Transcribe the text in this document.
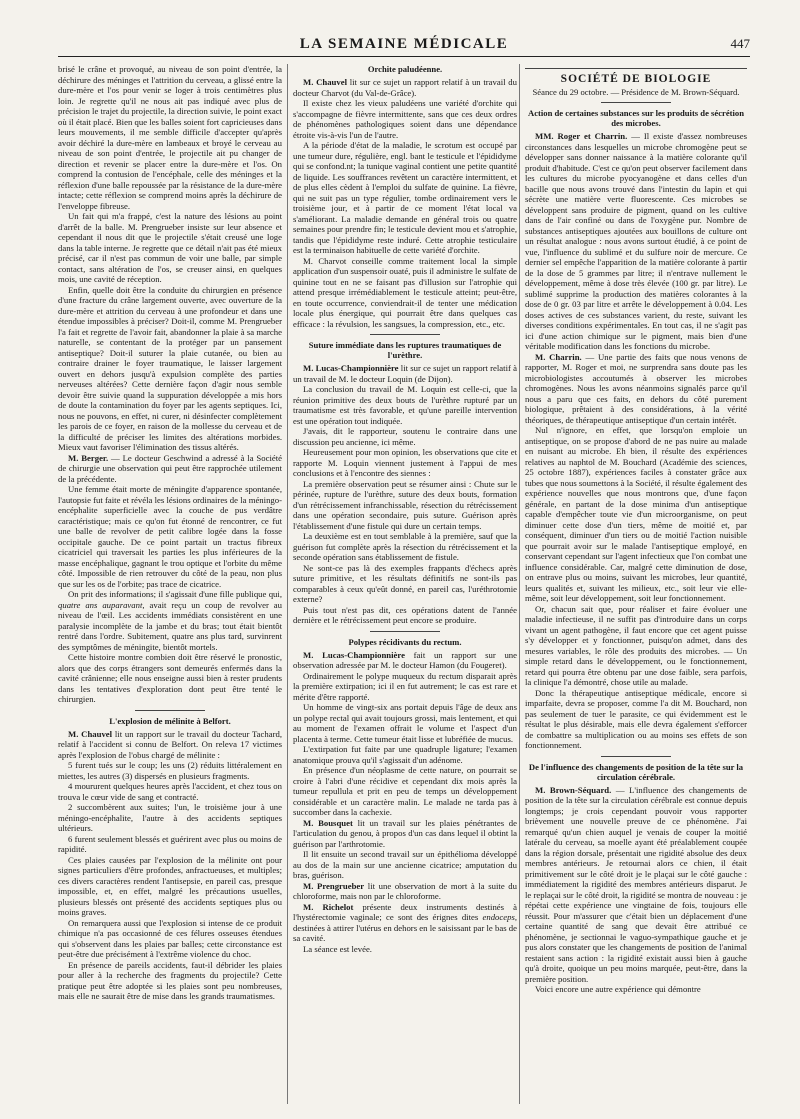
LA SEMAINE MÉDICALE	447

brisé le crâne et provoqué, au niveau de son point d'entrée, la déchirure des méninges et l'attrition du cerveau, a glissé entre la dure-mère et l'os pour venir se loger à trois centimètres plus loin. Je regrette qu'il ne nous ait pas indiqué avec plus de précision le trajet du projectile, la direction suivie, le point exact où il était placé. Bien que les balles soient fort capricieuses dans leurs mouvements, il me semble difficile d'accepter qu'après avoir déchiré la dure-mère en lambeaux et broyé le cerveau au niveau de son point d'entrée, le projectile ait pu changer de direction et revenir se placer entre la dure-mère et l'os. On comprend la contusion de l'encéphale, celle des méninges et la réflexion d'une balle repoussée par la résistance de la dure-mère intacte; cette réflexion se comprend moins après la déchirure de l'enveloppe fibreuse.

Un fait qui m'a frappé, c'est la nature des lésions au point d'arrêt de la balle. M. Prengrueber insiste sur leur absence et cependant il nous dit que le projectile s'était creusé une loge dans la table interne. Je regrette que ce détail n'ait pas été mieux précisé, car il n'est pas commun de voir une balle, par simple contact, sans altération de l'os, se creuser ainsi, en quelques mois, une cavité de réception.

Enfin, quelle doit être la conduite du chirurgien en présence d'une fracture du crâne largement ouverte, avec ouverture de la dure-mère et attrition du cerveau à une profondeur et dans une étendue impossibles à préciser? Doit-il, comme M. Prengrueber l'a fait et regrette de l'avoir fait, abandonner la plaie à sa marche naturelle, se contentant de la protéger par un pansement antiseptique? Doit-il suturer la plaie cutanée, ou bien au contraire drainer le foyer traumatique, le laisser largement ouvert en dehors jusqu'à expulsion complète des parties nerveuses altérées? Cette dernière façon d'agir nous semble devoir être suivie quand la suppuration développée a mis hors de doute la contamination du foyer par les agents septiques. Ici, nous ne pouvons, en effet, ni curer, ni désinfecter complètement les parois de ce foyer, en raison de la mollesse du cerveau et de la difficulté de préciser les limites des altérations morbides. Mieux vaut favoriser l'élimination des tissus altérés.

M. Berger. — Le docteur Geschwind a adressé à la Société de chirurgie une observation qui peut être rapprochée utilement de la précédente.

Une femme était morte de méningite d'apparence spontanée, l'autopsie fut faite et révéla les lésions ordinaires de la méningo-encéphalite superficielle avec la couche de pus verdâtre caractéristique; mais ce qu'on fut étonné de rencontrer, ce fut une balle de revolver de petit calibre logée dans la fosse occipitale gauche. De ce point partait un tractus fibreux cicatriciel qui traversait les parties les plus inférieures de la masse encéphalique, gagnant le trou optique et l'orbite du même côté. Impossible de rien retrouver du côté de la peau, non plus que sur les os de l'orbite; pas trace de cicatrice.

On prit des informations; il s'agissait d'une fille publique qui, quatre ans auparavant, avait reçu un coup de revolver au niveau de l'œil. Les accidents immédiats consistèrent en une paralysie incomplète de la jambe et du bras; tout était bientôt rentré dans l'ordre. Subitement, quatre ans plus tard, survinrent des symptômes de méningite, bientôt mortels.

Cette histoire montre combien doit être réservé le pronostic, alors que des corps étrangers sont demeurés enfermés dans la cavité crânienne; elle nous enseigne aussi bien à rester prudents dans les tentatives d'exploration dont peut être tenté le chirurgien.

L'explosion de mélinite à Belfort.

M. Chauvel lit un rapport sur le travail du docteur Tachard, relatif à l'accident si connu de Belfort. On releva 17 victimes après l'explosion de l'obus chargé de mélinite :

5 furent tués sur le coup; les uns (2) réduits littéralement en miettes, les autres (3) dispersés en plusieurs fragments.

4 moururent quelques heures après l'accident, et chez tous on trouva le cœur vide de sang et contracté.

2 succombèrent aux suites; l'un, le troisième jour à une méningo-encéphalite, l'autre à des accidents septiques ultérieurs.

6 furent seulement blessés et guérirent avec plus ou moins de rapidité.

Ces plaies causées par l'explosion de la mélinite ont pour signes particuliers d'être profondes, anfractueuses, et multiples; ces divers caractères rendent l'antisepsie, en pareil cas, presque impossible, et, en effet, malgré les précautions usuelles, plusieurs blessés ont présenté des accidents septiques plus ou moins graves.

On remarquera aussi que l'explosion si intense de ce produit chimique n'a pas occasionné de ces félures osseuses étendues qui s'observent dans les plaies par balles; cette circonstance est peut-être due précisément à l'extrême violence du choc.

En présence de pareils accidents, faut-il débrider les plaies pour aller à la recherche des fragments du projectile? Cette pratique peut être adoptée si les plaies sont peu nombreuses, mais elle ne saurait être de mise dans les grands traumatismes.

Orchite paludéenne.

M. Chauvel lit sur ce sujet un rapport relatif à un travail du docteur Charvot (du Val-de-Grâce).

Il existe chez les vieux paludéens une variété d'orchite qui s'accompagne de fièvre intermittente, sans que ces deux ordres de phénomènes pathologiques soient dans une dépendance étroite vis-à-vis l'un de l'autre.

A la période d'état de la maladie, le scrotum est occupé par une tumeur dure, régulière, engl. bant le testicule et l'épididyme qui se confond.nt; la tunique vaginal contient une petite quantité de liquide. Les souffrances revêtent un caractère intermittent, et de plus elles cèdent à l'emploi du sulfate de quinine. La fièvre, qui ne suit pas un type régulier, tombe ordinairement vers le troisième jour, et à partir de ce moment l'état local va s'améliorant. La maladie demande en général trois ou quatre semaines pour prendre fin; le testicule devient mou et s'atrophie, tandis que l'épididyme reste induré. Cette atrophie testiculaire est la terminaison habituelle de cette variété d'orchite.

M. Charvot conseille comme traitement local la simple application d'un suspensoir ouaté, puis il administre le sulfate de quinine tout en ne se faisant pas d'illusion sur l'atrophie qui attend presque irrémédiablement le testicule atteint; peut-être, en toute occurrence, conviendrait-il de tenter une médication locale plus énergique, qui pourrait être dans quelques cas efficace : la révulsion, les sangsues, la compression, etc., etc.

Suture immédiate dans les ruptures traumatiques de l'urèthre.

M. Lucas-Championnière lit sur ce sujet un rapport relatif à un travail de M. le docteur Loquin (de Dijon).

La conclusion du travail de M. Loquin est celle-ci, que la réunion primitive des deux bouts de l'urèthre rupturé par un traumatisme est très favorable, et qu'une pareille intervention est une opération tout indiquée.

J'avais, dit le rapporteur, soutenu le contraire dans une discussion peu ancienne, ici même.

Heureusement pour mon opinion, les observations que cite et rapporte M. Loquin viennent justement à l'appui de mes conclusions et à l'encontre des siennes :

La première observation peut se résumer ainsi : Chute sur le périnée, rupture de l'urèthre, suture des deux bouts, formation d'un rétrécissement infranchissable, résection du rétrécissement dans une opération secondaire, puis suture. Guérison après l'établissement d'une fistule qui dure un certain temps.

La deuxième est en tout semblable à la première, sauf que la guérison fut complète après la résection du rétrécissement et la seconde opération sans établissement de fistule.

Ne sont-ce pas là des exemples frappants d'échecs après suture primitive, et les résultats définitifs ne sont-ils pas comparables à ceux qu'eût donné, en pareil cas, l'uréthrotomie externe?

Puis tout n'est pas dit, ces opérations datent de l'année dernière et le rétrécissement peut encore se produire.

Polypes récidivants du rectum.

M. Lucas-Championnière fait un rapport sur une observation adressée par M. le docteur Hamon (du Fougeret).

Ordinairement le polype muqueux du rectum disparait après la première extirpation; ici il en fut autrement; le cas est rare et mérite d'être rapporté.

Un homme de vingt-six ans portait depuis l'âge de deux ans un polype rectal qui avait toujours grossi, mais lentement, et qui au moment de l'examen offrait le volume et l'aspect d'un placenta à terme. Cette tumeur était lisse et lubréfiée de mucus.

L'extirpation fut faite par une quadruple ligature; l'examen anatomique prouva qu'il s'agissait d'un adénome.

En présence d'un néoplasme de cette nature, on pourrait se croire à l'abri d'une récidive et cependant dix mois après la tumeur repullula et prit en peu de temps un développement considérable et un caractère malin. Le malade ne tarda pas à succomber dans la cachexie.

M. Bousquet lit un travail sur les plaies pénétrantes de l'articulation du genou, à propos d'un cas dans lequel il obtint la guérison par l'arthrotomie.

Il lit ensuite un second travail sur un épithélioma développé au dos de la main sur une ancienne cicatrice; amputation du bras, guérison.

M. Prengrueber lit une observation de mort à la suite du chloroforme, mais non par le chloroforme.

M. Richelot présente deux instruments destinés à l'hystérectomie vaginale; ce sont des érignes dites endoceps, destinées à attirer l'utérus en dehors en le saisissant par le bas de sa cavité.

La séance est levée.

SOCIÉTÉ DE BIOLOGIE
Séance du 29 octobre. — Présidence de M. Brown-Séquard.
Action de certaines substances sur les produits de sécrétion des microbes.

MM. Roger et Charrin. — Il existe d'assez nombreuses circonstances dans lesquelles un microbe chromogène peut se développer sans donner naissance à la matière colorante qu'il produit d'habitude. C'est ce qu'on peut observer facilement dans les cultures du microbe pyocyanogène et dans celles d'un bacille que nous avons trouvé dans l'intestin du lapin et qui sécrète une matière verte fluorescente. Ces microbes se développent sans produire de pigment, quand on les cultive dans de l'air confiné ou dans de l'oxygène pur. Nombre de substances antiseptiques ajoutées aux bouillons de culture ont un résultat analogue : nous avons surtout étudié, à ce point de vue, l'influence du sublimé et du sulfure noir de mercure. Ce dernier sel empêche l'apparition de la matière colorante à partir de la dose de 5 grammes par litre; il n'entrave nullement le développement, même à dose très élevée (100 gr. par litre). Le sublimé supprime la production des matières colorantes à la dose de 0 gr. 03 par litre et arrête le développement à 0.04. Les doses actives de ces substances varient, du reste, suivant les diverses conditions expérimentales. En tout cas, il ne s'agit pas ici d'une action chimique sur le pigment, mais bien d'une véritable modification dans les fonctions du microbe.

M. Charrin. — Une partie des faits que nous venons de rapporter, M. Roger et moi, ne surprendra sans doute pas les microbiologistes accoutumés à observer les microbes chromogènes. Nous les avons néanmoins signalés parce qu'il nous a paru que ces faits, en dehors du côté purement biologique, prêtaient à des considérations, à la vérité théoriques, de thérapeutique antiseptique d'un certain intérêt.

Nul n'ignore, en effet, que lorsqu'on emploie un antiseptique, on se propose d'abord de ne pas nuire au malade en nuisant au microbe. Eh bien, il résulte des expériences relatives au naphtol de M. Bouchard (Académie des sciences, 25 octobre 1887), expériences faciles à constater grâce aux tubes que nous soumettons à la Société, il résulte également des expérience nouvelles que nous montrons que, d'une façon générale, en partant de la dose minima d'un antiseptique capable d'empêcher toute vie d'un microorganisme, on peut diminuer cette dose d'un tiers, même de moitié et, par conséquent, diminuer d'un tiers ou de moitié l'action nuisible que pourrait avoir sur le malade l'antiseptique employé, en conservant cependant sur l'agent infectieux que l'on combat une influence considérable. Car, malgré cette diminution de dose, on entrave plus ou moins, suivant les microbes, leur quantité, leurs qualités et, suivant les milieux, etc., soit leur vie elle-même, soit leur développement, soit leur fonctionnement.

Or, chacun sait que, pour réaliser et faire évoluer une maladie infectieuse, il ne suffit pas d'introduire dans un corps vivant un agent pathogène, il faut encore que cet agent puisse s'y développer et y fonctionner, puisqu'on admet, dans des mesures variables, le rôle des produits des microbes. — Un simple retard dans le développement, ou le fonctionnement, retard qui pourra être obtenu par une dose faible, sera parfois, la clinique l'a démontré, chose utile au malade.

Donc la thérapeutique antiseptique médicale, encore si imparfaite, devra se proposer, comme l'a dit M. Bouchard, non pas seulement de tuer le parasite, ce qui évidemment est le résultat le plus désirable, mais elle devra également s'efforcer de combattre sa multiplication ou au moins ses effets de son fonctionnement.

De l'influence des changements de position de la tête sur la circulation cérébrale.

M. Brown-Séquard. — L'influence des changements de position de la tête sur la circulation cérébrale est connue depuis longtemps; je crois cependant pouvoir vous rapporter brièvement une nouvelle preuve de ce phénomène. J'ai remarqué qu'un chien auquel je venais de couper la moitié latérale du cerveau, sa moelle ayant été préalablement coupée dans la région dorsale, présentait une rigidité absolue des deux membres antérieurs. Je retournai alors ce chien, il était primitivement sur le côté droit je le plaçai sur le côté gauche : immédiatement la rigidité des membres antérieurs disparut. Je le replaçai sur le côté droit, la rigidité se montra de nouveau : je répétai cette expérience une vingtaine de fois, toujours elle réussit. Pour m'assurer que c'était bien un déplacement d'une certaine quantité de sang que devait être attribué ce phénomène, je sectionnai le vaguo-sympathique gauche et je pus alors constater que les changements de position de l'animal restaient sans action : la rigidité existait aussi bien à gauche qu'à droite, quoique un peu moins marquée, peut-être, dans la première position.

Voici encore une autre expérience qui démontre
